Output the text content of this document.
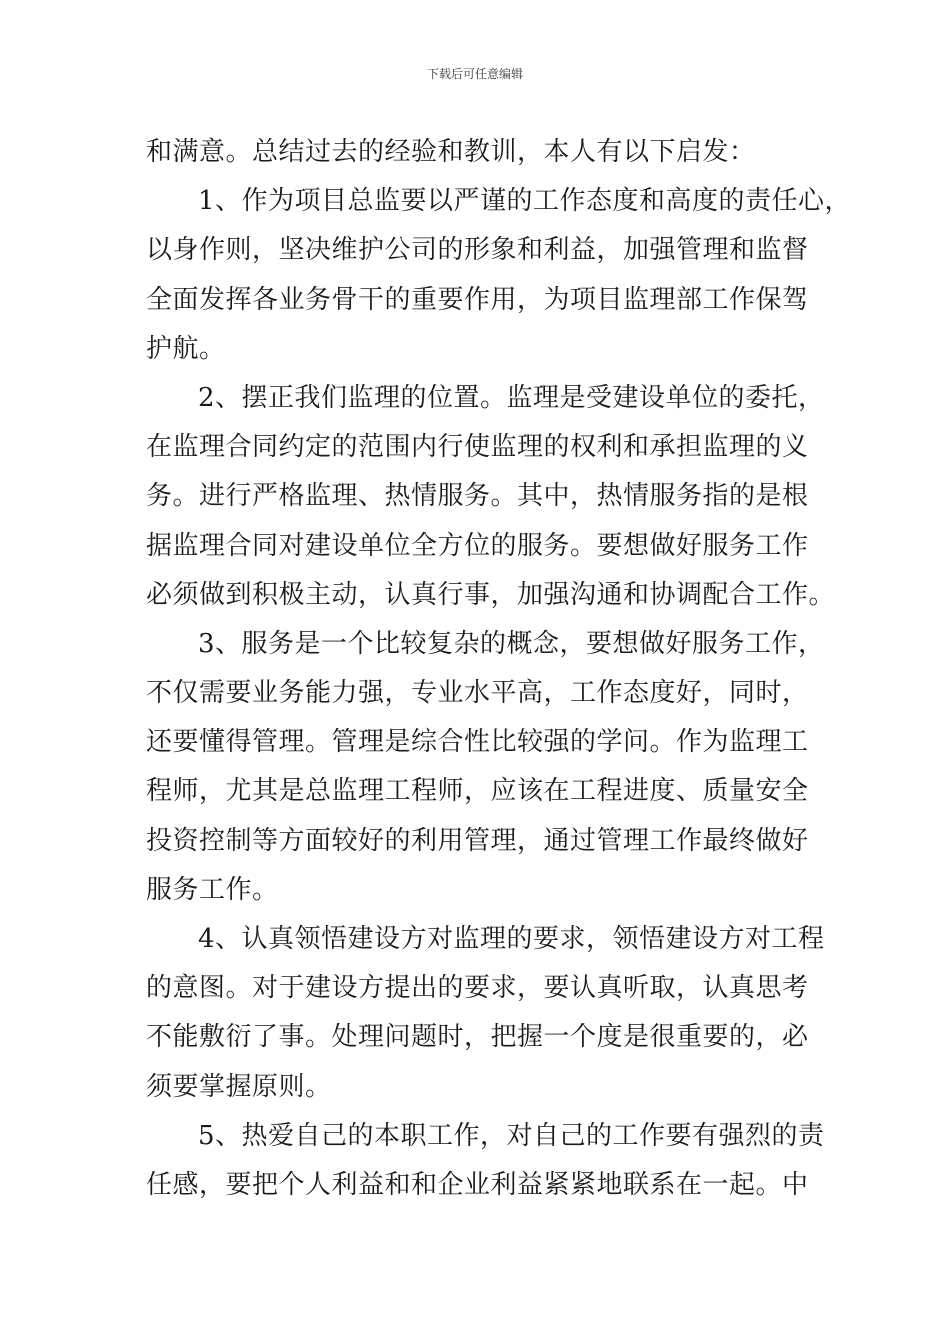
下载后可任意编辑
和满意。总结过去的经验和教训，本人有以下启发：
1、作为项目总监要以严谨的工作态度和高度的责任心，
以身作则，坚决维护公司的形象和利益，加强管理和监督
全面发挥各业务骨干的重要作用，为项目监理部工作保驾
护航。
2、摆正我们监理的位置。监理是受建设单位的委托，
在监理合同约定的范围内行使监理的权利和承担监理的义
务。进行严格监理、热情服务。其中，热情服务指的是根
据监理合同对建设单位全方位的服务。要想做好服务工作
必须做到积极主动，认真行事，加强沟通和协调配合工作。
3、服务是一个比较复杂的概念，要想做好服务工作，
不仅需要业务能力强，专业水平高，工作态度好，同时，
还要懂得管理。管理是综合性比较强的学问。作为监理工
程师，尤其是总监理工程师，应该在工程进度、质量安全
投资控制等方面较好的利用管理，通过管理工作最终做好
服务工作。
4、认真领悟建设方对监理的要求，领悟建设方对工程
的意图。对于建设方提出的要求，要认真听取，认真思考
不能敷衍了事。处理问题时，把握一个度是很重要的，必
须要掌握原则。
5、热爱自己的本职工作，对自己的工作要有强烈的责
任感，要把个人利益和和企业利益紧紧地联系在一起。中
